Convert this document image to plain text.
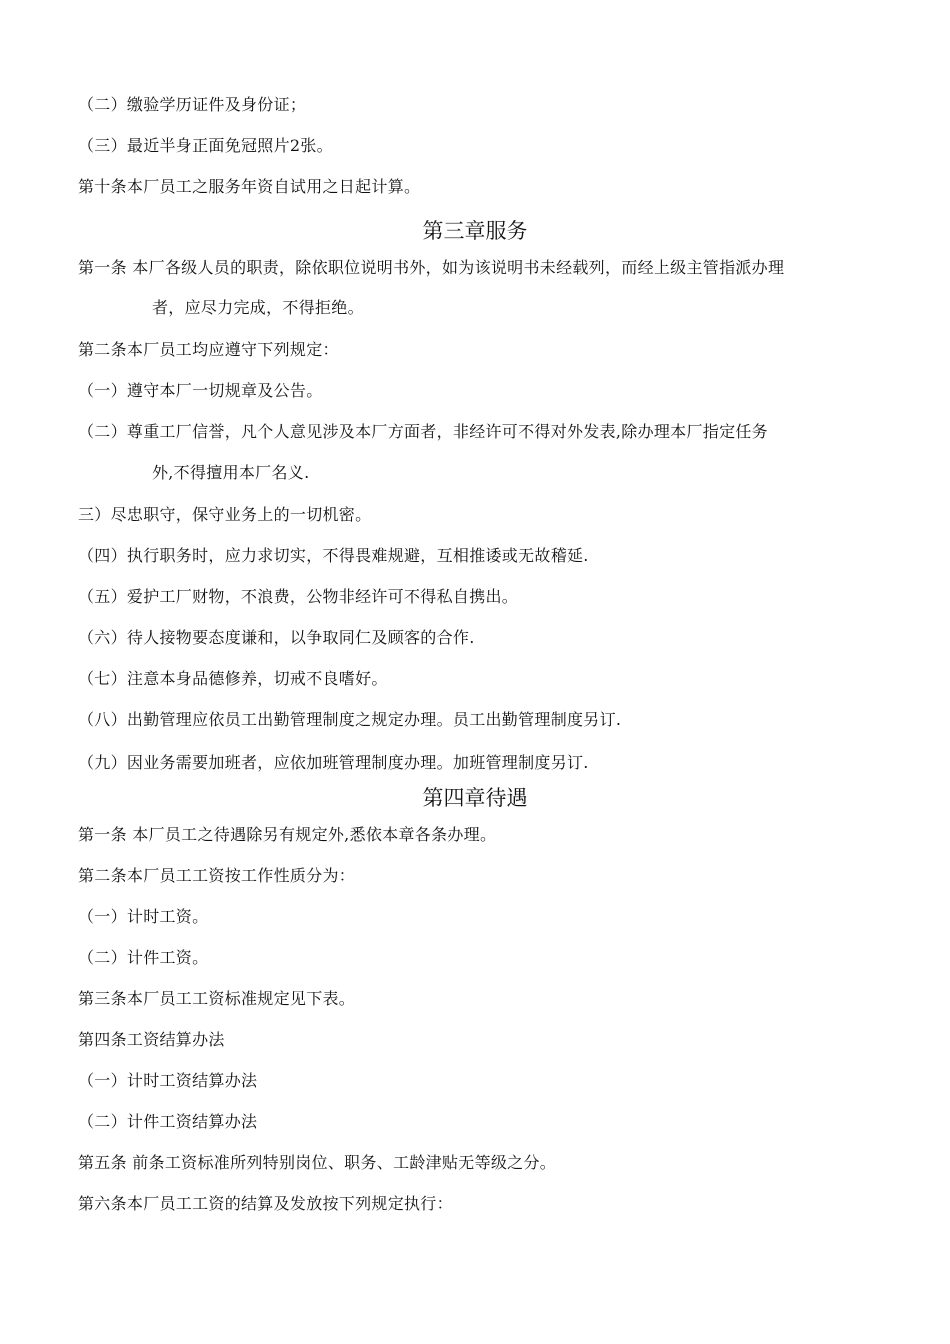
（二）缴验学历证件及身份证；
（三）最近半身正面免冠照片2张。
第十条本厂员工之服务年资自试用之日起计算。
第三章服务
第一条 本厂各级人员的职责，除依职位说明书外，如为该说明书未经载列，而经上级主管指派办理
者，应尽力完成，不得拒绝。
第二条本厂员工均应遵守下列规定：
（一）遵守本厂一切规章及公告。
（二）尊重工厂信誉，凡个人意见涉及本厂方面者，非经许可不得对外发表,除办理本厂指定任务
外,不得擅用本厂名义.
三）尽忠职守，保守业务上的一切机密。
（四）执行职务时，应力求切实，不得畏难规避，互相推诿或无故稽延.
（五）爱护工厂财物，不浪费，公物非经许可不得私自携出。
（六）待人接物要态度谦和，以争取同仁及顾客的合作.
（七）注意本身品德修养，切戒不良嗜好。
（八）出勤管理应依员工出勤管理制度之规定办理。员工出勤管理制度另订.
（九）因业务需要加班者，应依加班管理制度办理。加班管理制度另订.
第四章待遇
第一条 本厂员工之待遇除另有规定外,悉依本章各条办理。
第二条本厂员工工资按工作性质分为：
（一）计时工资。
（二）计件工资。
第三条本厂员工工资标准规定见下表。
第四条工资结算办法
（一）计时工资结算办法
（二）计件工资结算办法
第五条 前条工资标准所列特别岗位、职务、工龄津贴无等级之分。
第六条本厂员工工资的结算及发放按下列规定执行：
